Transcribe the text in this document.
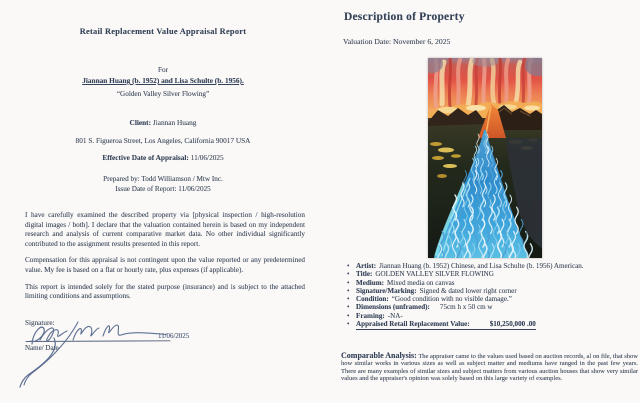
Retail Replacement Value Appraisal Report
For
Jiannan Huang (b. 1952) and Lisa Schulte (b. 1956).
“Golden Valley Silver Flowing”
Client: Jiannan Huang
801 S. Figueroa Street, Los Angeles, California 90017 USA
Effective Date of Appraisal: 11/06/2025
Prepared by: Todd Williamson / Mtw Inc.
Issue Date of Report: 11/06/2025

I have carefully examined the described property via [physical inspection / high-resolution digital images / both]. I declare that the valuation contained herein is based on my independent research and analysis of current comparative market data. No other individual significantly contributed to the assignment results presented in this report.

Compensation for this appraisal is not contingent upon the value reported or any predetermined value. My fee is based on a flat or hourly rate, plus expenses (if applicable).

This report is intended solely for the stated purpose (insurance) and is subject to the attached limiting conditions and assumptions.

Signature:
11/06/2025
Name/ Date
Description of Property
Valuation Date: November 6, 2025
• Artist: Jiannan Huang (b. 1952) Chinese, and Lisa Schulte (b. 1956) American.
• Title: GOLDEN VALLEY SILVER FLOWING
• Medium: Mixed media on canvas
• Signature/Marking: Signed & dated lower right corner
• Condition: “Good condition with no visible damage.”
• Dimensions (unframed): 75cm h x 50 cm w
• Framing: -NA-
• Appraised Retail Replacement Value:	$10,250,000 .00
Comparable Analysis: The appraiser came to the values used based on auction records, al on file, that show how similar works in various sizes as well as subject matter and mediums have ranged in the past few years. There are many examples of similar sizes and subject matters from various auction houses that show very similar values and the appraiser's opinion was solely based on this large variety of examples.
